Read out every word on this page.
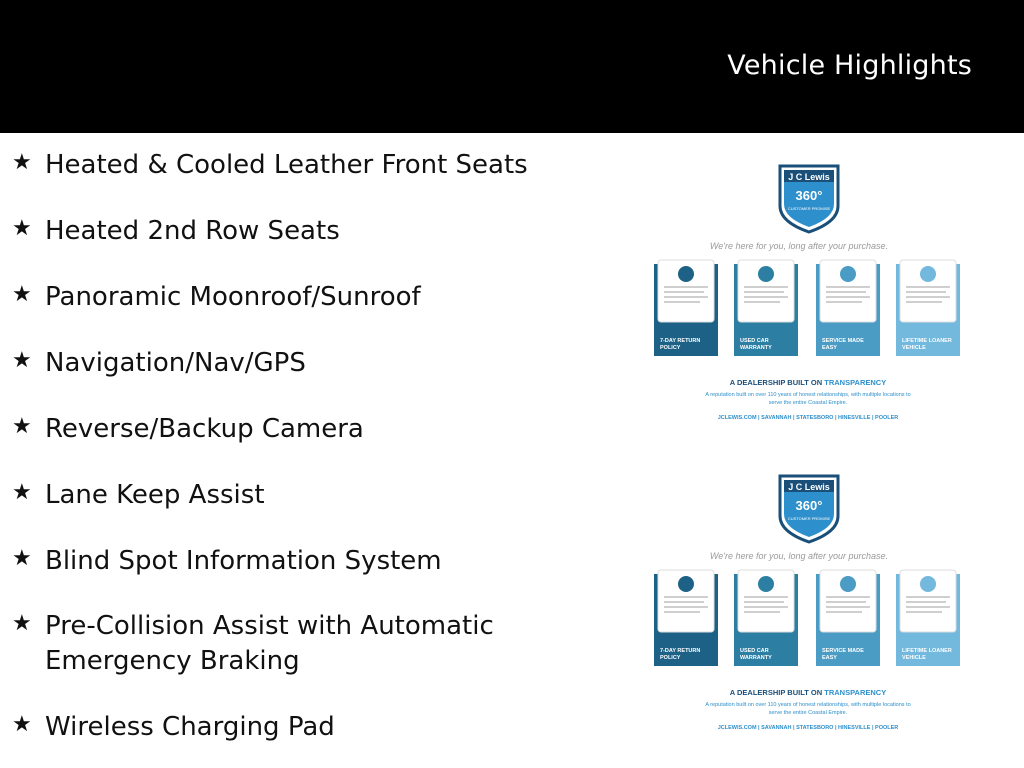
Vehicle Highlights
★ Heated & Cooled Leather Front Seats
★ Heated 2nd Row Seats
★ Panoramic Moonroof/Sunroof
★ Navigation/Nav/GPS
★ Reverse/Backup Camera
★ Lane Keep Assist
★ Blind Spot Information System
★ Pre-Collision Assist with Automatic Emergency Braking
★ Wireless Charging Pad
J C Lewis
360°
CUSTOMER PROMISE
We're here for you, long after your purchase.
7-DAY RETURN
POLICY
USED CAR
WARRANTY
SERVICE MADE
EASY
LIFETIME LOANER
VEHICLE
A DEALERSHIP BUILT ON TRANSPARENCY
A reputation built on over 110 years of honest relationships, with multiple locations to
serve the entire Coastal Empire.
JCLEWIS.COM | SAVANNAH | STATESBORO | HINESVILLE | POOLER
J C Lewis
360°
CUSTOMER PROMISE
We're here for you, long after your purchase.
7-DAY RETURN
POLICY
USED CAR
WARRANTY
SERVICE MADE
EASY
LIFETIME LOANER
VEHICLE
A DEALERSHIP BUILT ON TRANSPARENCY
A reputation built on over 110 years of honest relationships, with multiple locations to
serve the entire Coastal Empire.
JCLEWIS.COM | SAVANNAH | STATESBORO | HINESVILLE | POOLER
